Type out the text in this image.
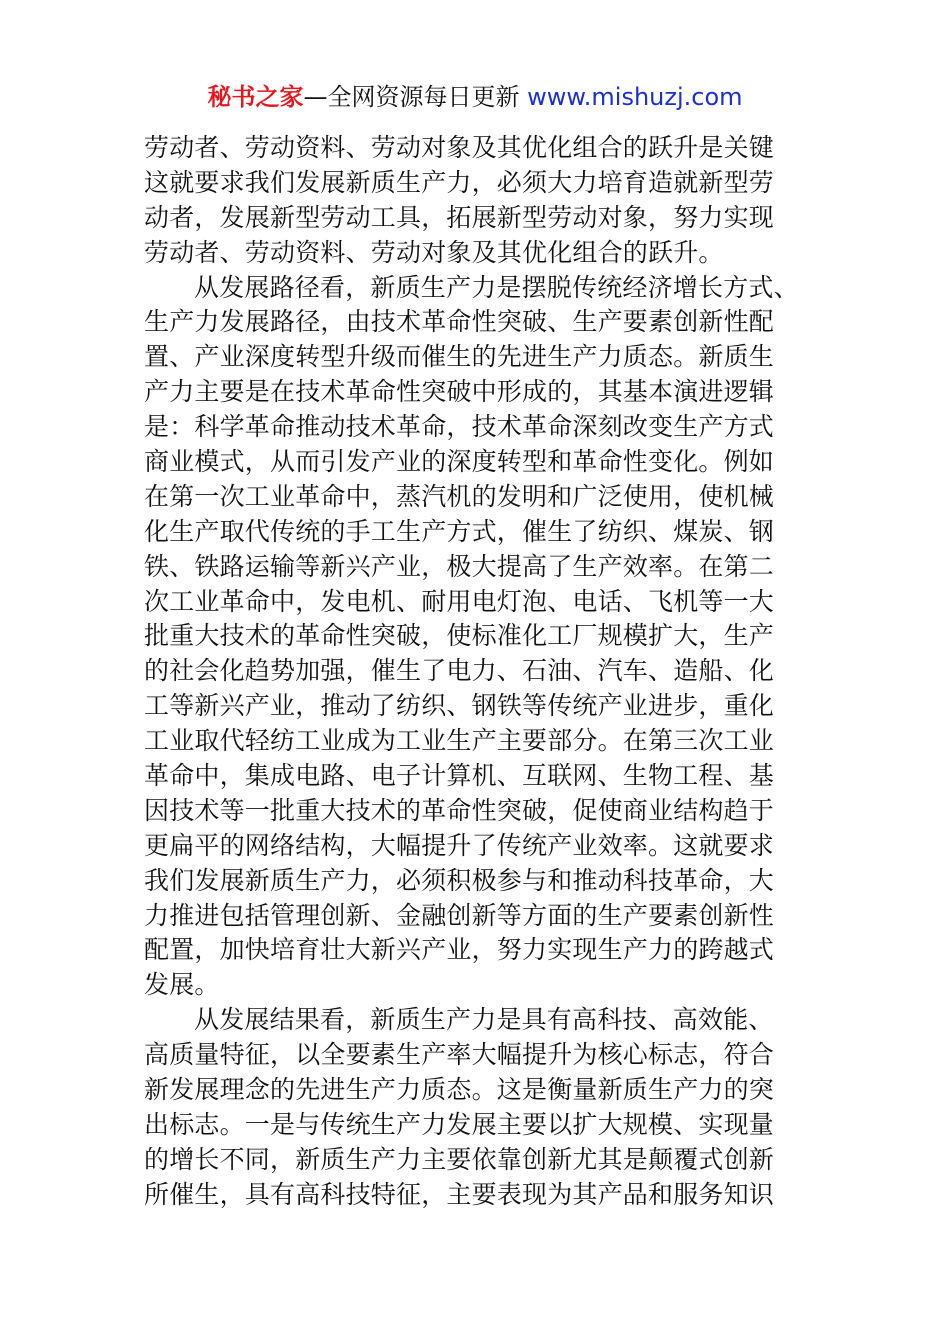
秘书之家—全网资源每日更新 www.mishuzj.com
劳动者、劳动资料、劳动对象及其优化组合的跃升是关键
这就要求我们发展新质生产力，必须大力培育造就新型劳
动者，发展新型劳动工具，拓展新型劳动对象，努力实现
劳动者、劳动资料、劳动对象及其优化组合的跃升。
从发展路径看，新质生产力是摆脱传统经济增长方式、
生产力发展路径，由技术革命性突破、生产要素创新性配
置、产业深度转型升级而催生的先进生产力质态。新质生
产力主要是在技术革命性突破中形成的，其基本演进逻辑
是：科学革命推动技术革命，技术革命深刻改变生产方式
商业模式，从而引发产业的深度转型和革命性变化。例如
在第一次工业革命中，蒸汽机的发明和广泛使用，使机械
化生产取代传统的手工生产方式，催生了纺织、煤炭、钢
铁、铁路运输等新兴产业，极大提高了生产效率。在第二
次工业革命中，发电机、耐用电灯泡、电话、飞机等一大
批重大技术的革命性突破，使标准化工厂规模扩大，生产
的社会化趋势加强，催生了电力、石油、汽车、造船、化
工等新兴产业，推动了纺织、钢铁等传统产业进步，重化
工业取代轻纺工业成为工业生产主要部分。在第三次工业
革命中，集成电路、电子计算机、互联网、生物工程、基
因技术等一批重大技术的革命性突破，促使商业结构趋于
更扁平的网络结构，大幅提升了传统产业效率。这就要求
我们发展新质生产力，必须积极参与和推动科技革命，大
力推进包括管理创新、金融创新等方面的生产要素创新性
配置，加快培育壮大新兴产业，努力实现生产力的跨越式
发展。
从发展结果看，新质生产力是具有高科技、高效能、
高质量特征，以全要素生产率大幅提升为核心标志，符合
新发展理念的先进生产力质态。这是衡量新质生产力的突
出标志。一是与传统生产力发展主要以扩大规模、实现量
的增长不同，新质生产力主要依靠创新尤其是颠覆式创新
所催生，具有高科技特征，主要表现为其产品和服务知识
